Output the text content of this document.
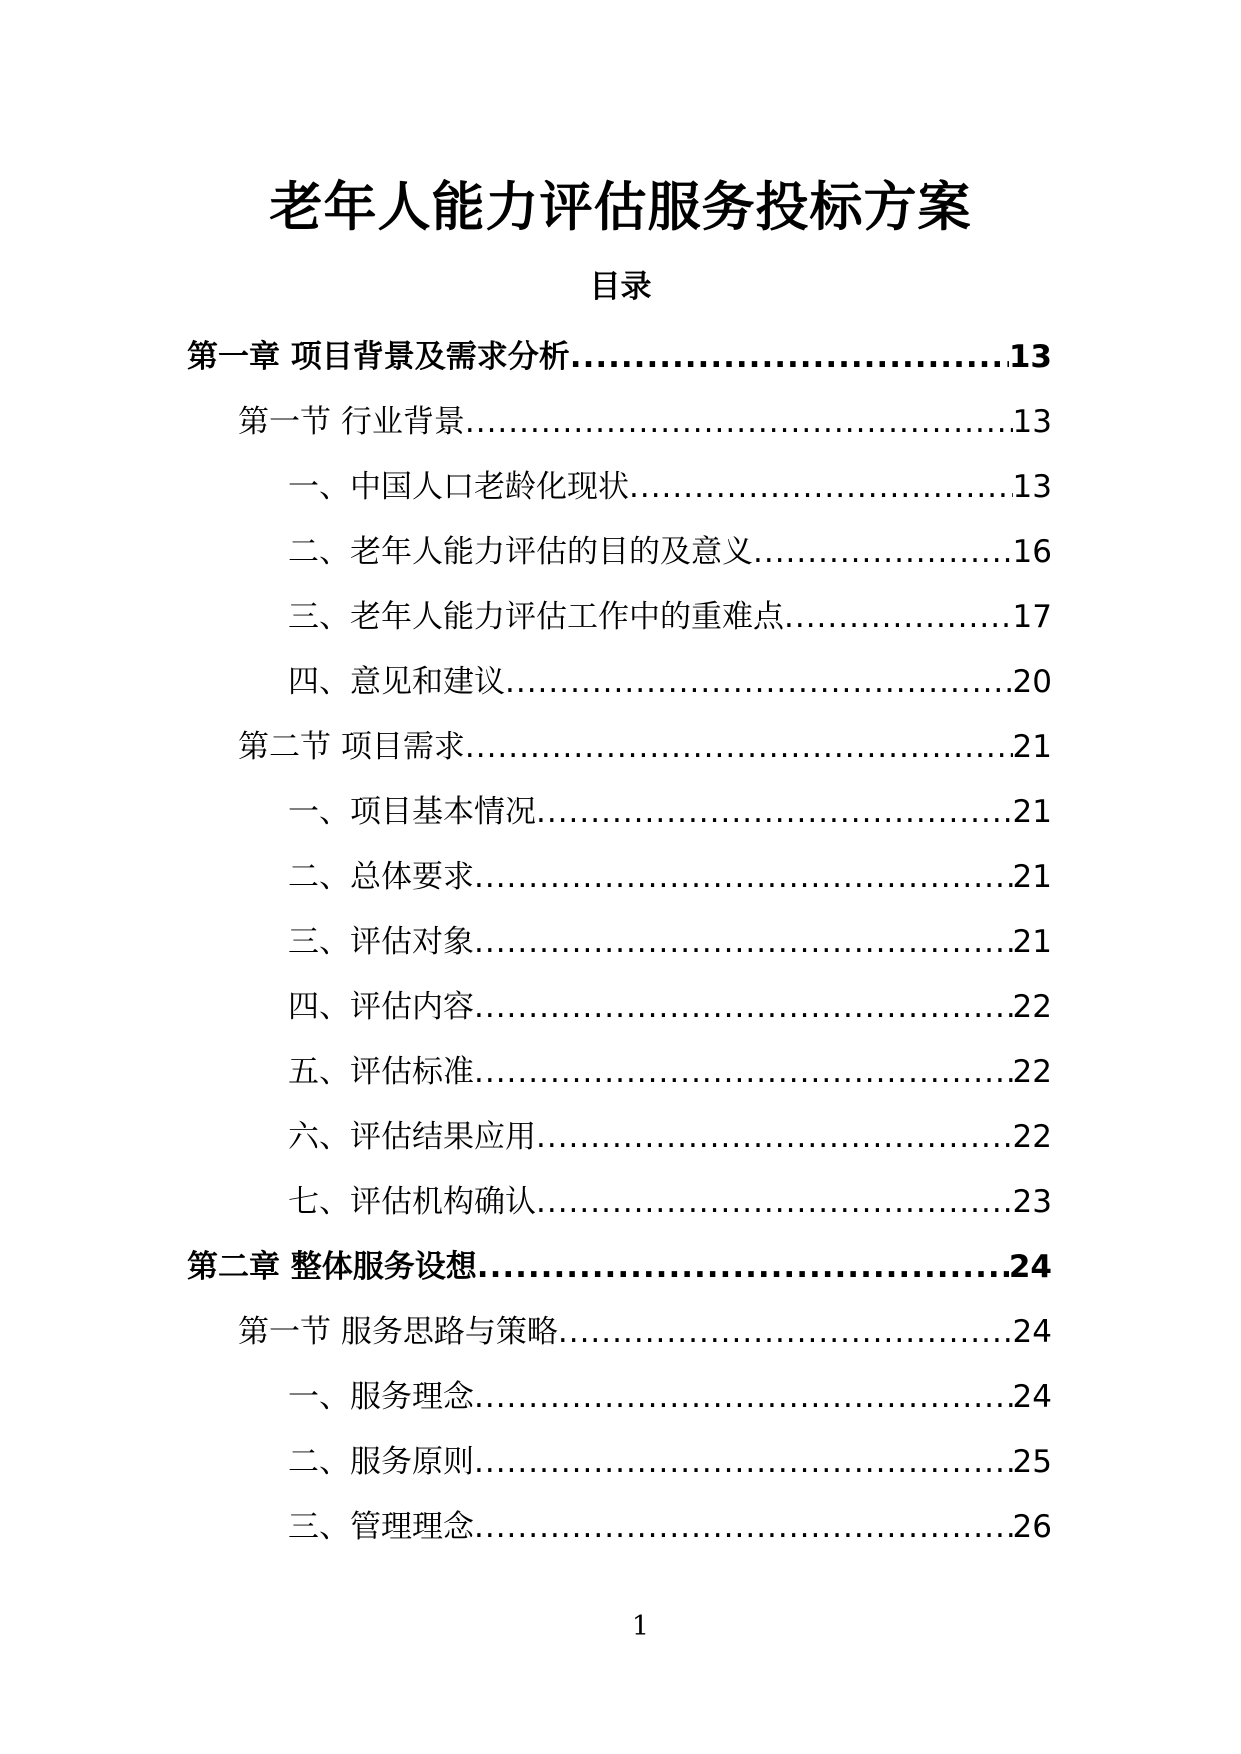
老年人能力评估服务投标方案
目录
第一章 项目背景及需求分析 .....	13
第一节 行业背景 .....	13
一、中国人口老龄化现状 .....	13
二、老年人能力评估的目的及意义 .....	16
三、老年人能力评估工作中的重难点 .....	17
四、意见和建议 .....	20
第二节 项目需求 .....	21
一、项目基本情况 .....	21
二、总体要求 .....	21
三、评估对象 .....	21
四、评估内容 .....	22
五、评估标准 .....	22
六、评估结果应用 .....	22
七、评估机构确认 .....	23
第二章 整体服务设想 .....	24
第一节 服务思路与策略 .....	24
一、服务理念 .....	24
二、服务原则 .....	25
三、管理理念 .....	26
1
